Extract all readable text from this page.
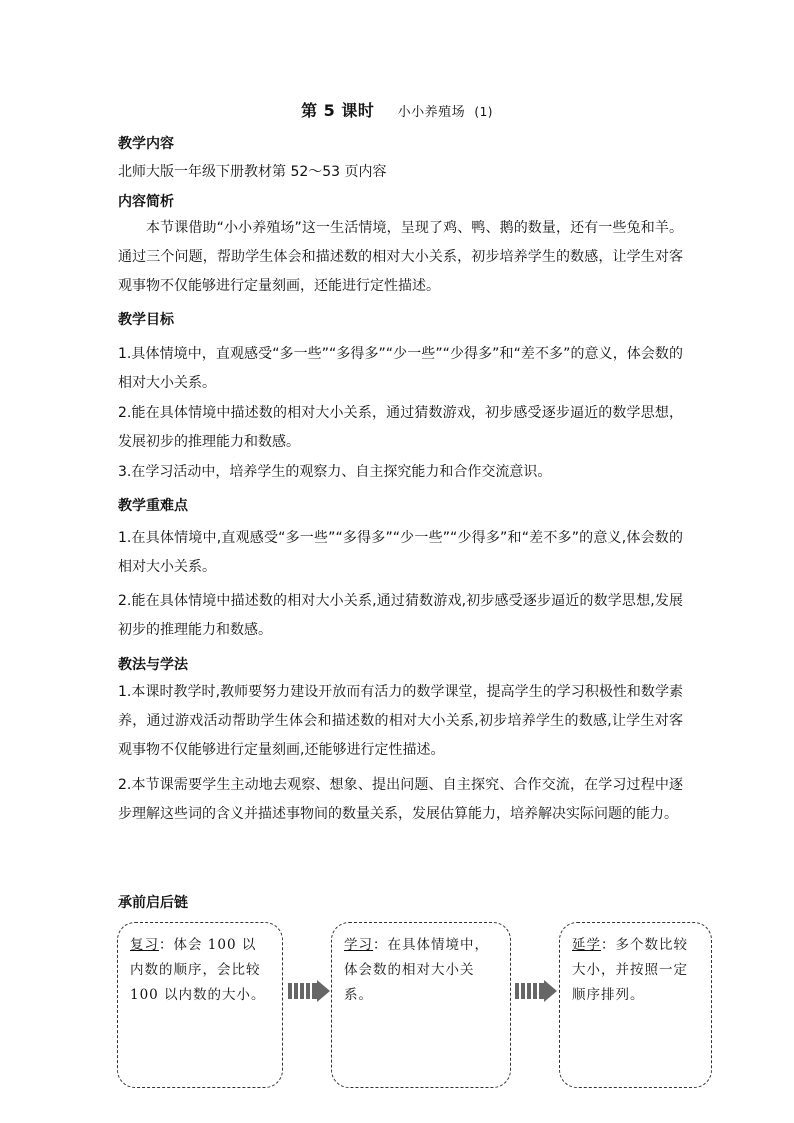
第 5 课时 小小养殖场 (1)
教学内容
北师大版一年级下册教材第 52～53 页内容
内容简析
本节课借助“小小养殖场”这一生活情境，呈现了鸡、鸭、鹅的数量，还有一些兔和羊。通过三个问题，帮助学生体会和描述数的相对大小关系，初步培养学生的数感，让学生对客观事物不仅能够进行定量刻画，还能进行定性描述。
教学目标
1.具体情境中，直观感受“多一些”“多得多”“少一些”“少得多”和“差不多”的意义，体会数的相对大小关系。
2.能在具体情境中描述数的相对大小关系，通过猜数游戏，初步感受逐步逼近的数学思想，发展初步的推理能力和数感。
3.在学习活动中，培养学生的观察力、自主探究能力和合作交流意识。
教学重难点
1.在具体情境中,直观感受“多一些”“多得多”“少一些”“少得多”和“差不多”的意义,体会数的相对大小关系。
2.能在具体情境中描述数的相对大小关系,通过猜数游戏,初步感受逐步逼近的数学思想,发展初步的推理能力和数感。
教法与学法
1.本课时教学时,教师要努力建设开放而有活力的数学课堂，提高学生的学习积极性和数学素养，通过游戏活动帮助学生体会和描述数的相对大小关系,初步培养学生的数感,让学生对客观事物不仅能够进行定量刻画,还能够进行定性描述。
2.本节课需要学生主动地去观察、想象、提出问题、自主探究、合作交流，在学习过程中逐步理解这些词的含义并描述事物间的数量关系，发展估算能力，培养解决实际问题的能力。
承前启后链
复习：体会 100 以内数的顺序，会比较 100 以内数的大小。
学习：在具体情境中，体会数的相对大小关系。
延学：多个数比较大小，并按照一定顺序排列。
